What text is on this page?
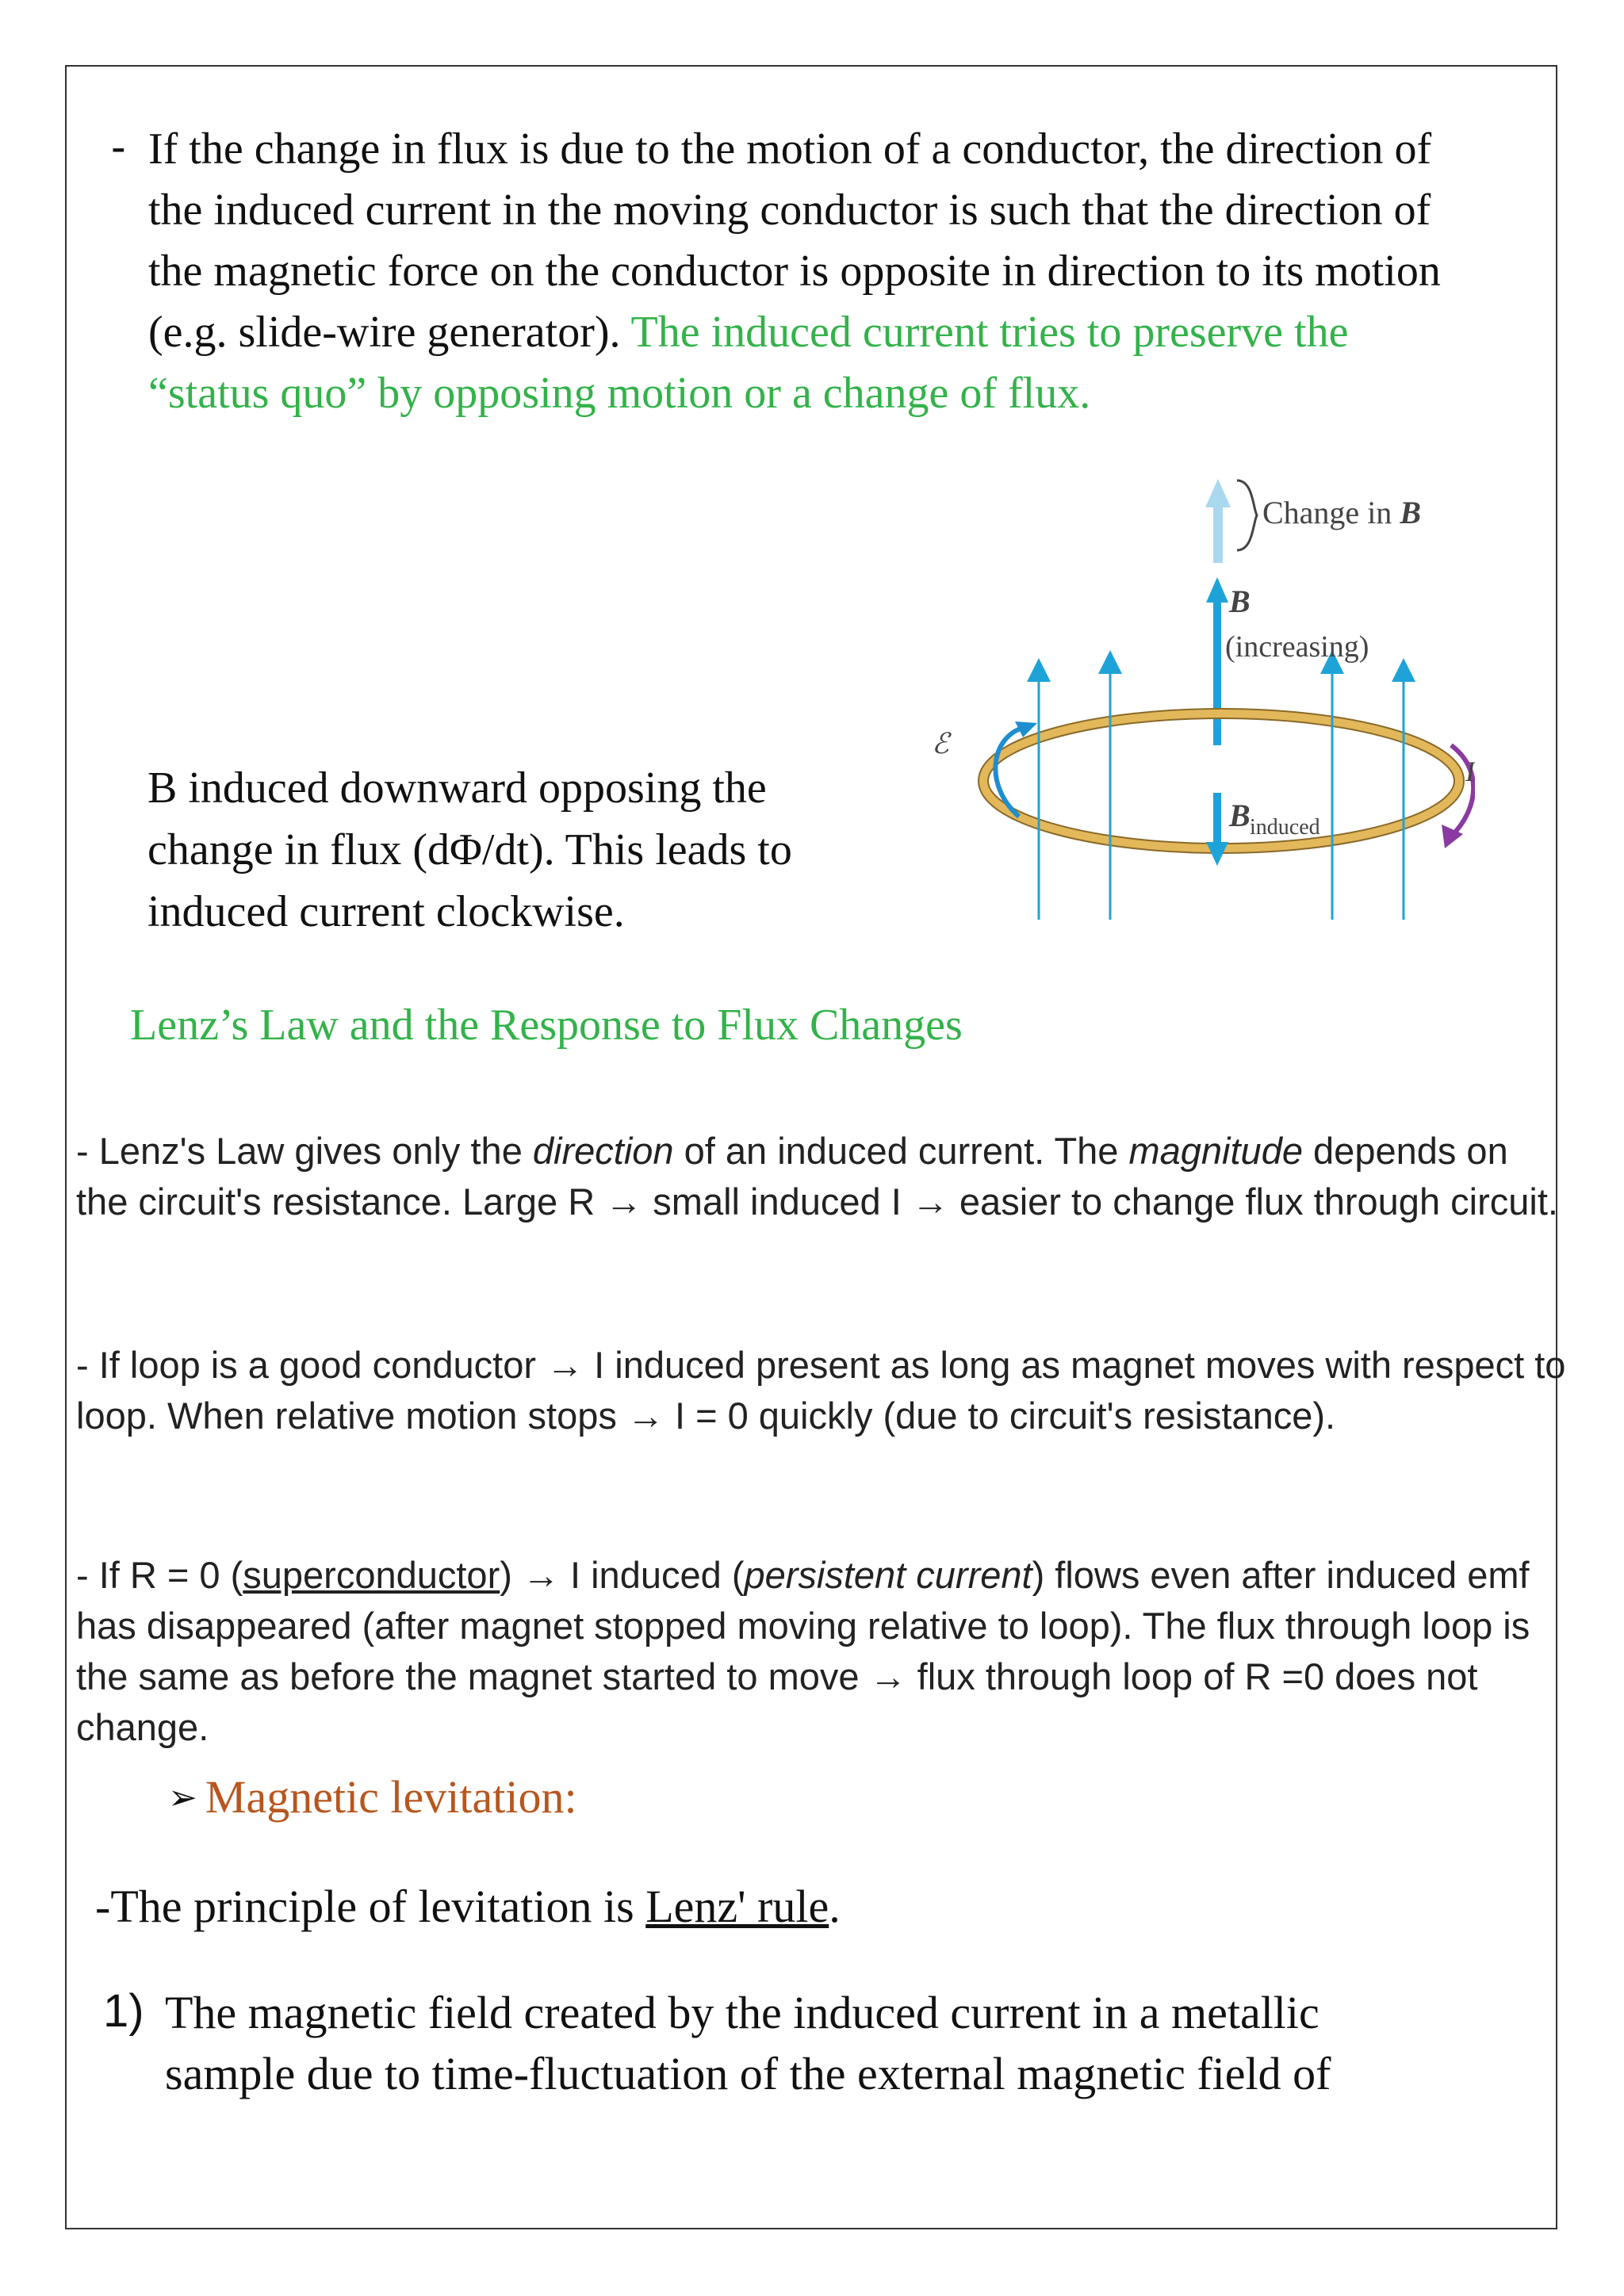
- If the change in flux is due to the motion of a conductor, the direction of the induced current in the moving conductor is such that the direction of the magnetic force on the conductor is opposite in direction to its motion (e.g. slide-wire generator). The induced current tries to preserve the “status quo” by opposing motion or a change of flux.
Change in B
B
(increasing)
B induced
ℰ
I
B induced downward opposing the change in flux (dΦ/dt). This leads to induced current clockwise.
Lenz’s Law and the Response to Flux Changes
- Lenz's Law gives only the direction of an induced current. The magnitude depends on the circuit's resistance. Large R → small induced I → easier to change flux through circuit.
- If loop is a good conductor → I induced present as long as magnet moves with respect to loop. When relative motion stops → I = 0 quickly (due to circuit's resistance).
- If R = 0 (superconductor) → I induced (persistent current) flows even after induced emf has disappeared (after magnet stopped moving relative to loop). The flux through loop is the same as before the magnet started to move → flux through loop of R =0 does not change.
➢ Magnetic levitation:
-The principle of levitation is Lenz' rule.
1) The magnetic field created by the induced current in a metallic sample due to time-fluctuation of the external magnetic field of
